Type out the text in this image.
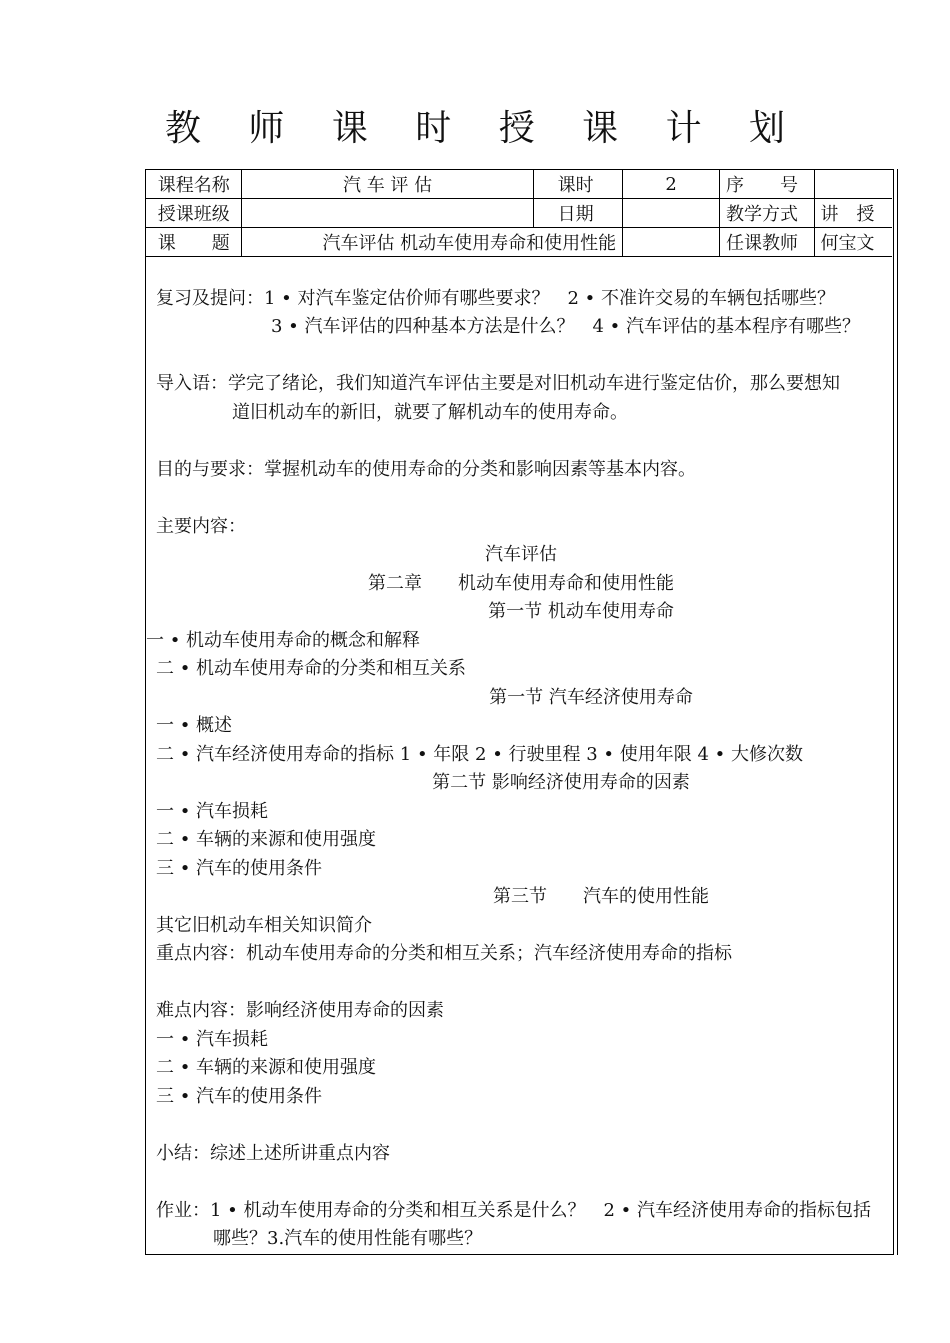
教 师 课 时 授 课 计 划
课程名称	汽 车 评 估	课时	2	序　　号	
授课班级		日期		教学方式	讲　授
课　　题	汽车评估 机动车使用寿命和使用性能			任课教师	何宝文
复习及提问：1 • 对汽车鉴定估价师有哪些要求？　2 • 不准许交易的车辆包括哪些？
3 • 汽车评估的四种基本方法是什么？　4 • 汽车评估的基本程序有哪些？
导入语：学完了绪论，我们知道汽车评估主要是对旧机动车进行鉴定估价，那么要想知
道旧机动车的新旧，就要了解机动车的使用寿命。
目的与要求：掌握机动车的使用寿命的分类和影响因素等基本内容。
主要内容：
汽车评估
第二章　　机动车使用寿命和使用性能
第一节 机动车使用寿命
一 • 机动车使用寿命的概念和解释
二 • 机动车使用寿命的分类和相互关系
第一节 汽车经济使用寿命
一 • 概述
二 • 汽车经济使用寿命的指标 1 • 年限 2 • 行驶里程 3 • 使用年限 4 • 大修次数
第二节 影响经济使用寿命的因素
一 • 汽车损耗
二 • 车辆的来源和使用强度
三 • 汽车的使用条件
第三节　　汽车的使用性能
其它旧机动车相关知识简介
重点内容：机动车使用寿命的分类和相互关系；汽车经济使用寿命的指标
难点内容：影响经济使用寿命的因素
一 • 汽车损耗
二 • 车辆的来源和使用强度
三 • 汽车的使用条件
小结：综述上述所讲重点内容
作业：1 • 机动车使用寿命的分类和相互关系是什么？　2 • 汽车经济使用寿命的指标包括
哪些？3.汽车的使用性能有哪些？
